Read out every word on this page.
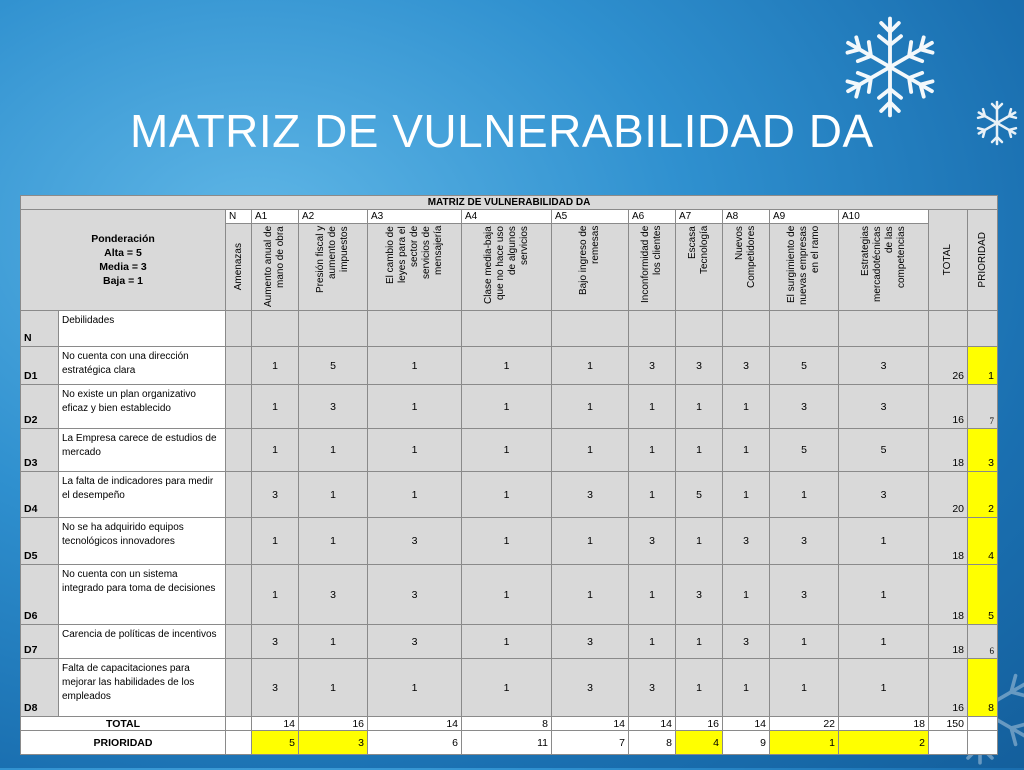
MATRIZ DE VULNERABILIDAD DA
MATRIZ DE VULNERABILIDAD DA														

Ponderación
Alta = 5
Media = 3
Baja = 1		N	A1	A2	A3	A4	A5	A6	A7	A8	A9	A10	TOTAL	PRIORIDAD

		Amenazas	Aumento anual de mano de obra	Presión fiscal y aumento de impuestos	El cambio de leyes para el sector de servicios de mensajería	Clase media-baja que no hace uso de algunos servicios	Bajo ingreso de remesas	Inconformidad de los clientes	Escasa Tecnología	Nuevos Competidores	El surgimiento de nuevas empresas en el ramo	Estrategias mercadotécnicas de las competencias		

N	Debilidades													
D1	No cuenta con una dirección estratégica clara		1	5	1	1	1	3	3	3	5	3	26	1
D2	No existe un plan organizativo eficaz y bien establecido		1	3	1	1	1	1	1	1	3	3	16	7
D3	La Empresa carece de estudios de mercado		1	1	1	1	1	1	1	1	5	5	18	3
D4	La falta de indicadores para medir el desempeño		3	1	1	1	3	1	5	1	1	3	20	2
D5	No se ha adquirido equipos tecnológicos innovadores		1	1	3	1	1	3	1	3	3	1	18	4
D6	No cuenta con un sistema integrado para toma de decisiones		1	3	3	1	1	1	3	1	3	1	18	5
D7	Carencia de políticas de incentivos		3	1	3	1	3	1	1	3	1	1	18	6
D8	Falta de capacitaciones para mejorar las habilidades de los empleados		3	1	1	1	3	3	1	1	1	1	16	8
TOTAL			14	16	14	8	14	14	16	14	22	18	150	
PRIORIDAD			5	3	6	11	7	8	4	9	1	2		
